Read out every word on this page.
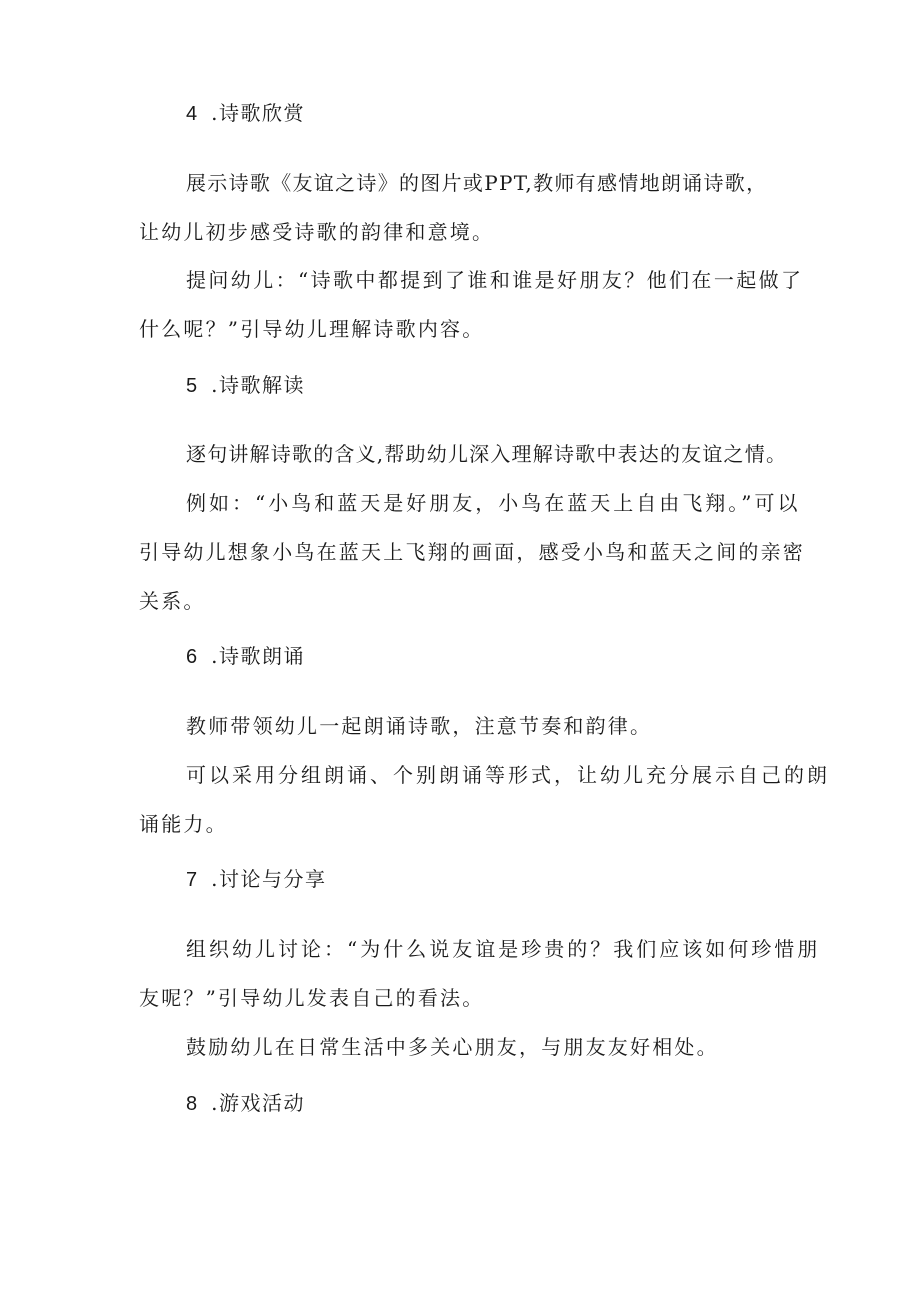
4 .诗歌欣赏
展示诗歌《友谊之诗》的图片或PPT,教师有感情地朗诵诗歌，
让幼儿初步感受诗歌的韵律和意境。
提问幼儿：“诗歌中都提到了谁和谁是好朋友？他们在一起做了
什么呢？”引导幼儿理解诗歌内容。
5 .诗歌解读
逐句讲解诗歌的含义,帮助幼儿深入理解诗歌中表达的友谊之情。
例如：“小鸟和蓝天是好朋友，小鸟在蓝天上自由飞翔。”可以
引导幼儿想象小鸟在蓝天上飞翔的画面，感受小鸟和蓝天之间的亲密
关系。
6 .诗歌朗诵
教师带领幼儿一起朗诵诗歌，注意节奏和韵律。
可以采用分组朗诵、个别朗诵等形式，让幼儿充分展示自己的朗
诵能力。
7 .讨论与分享
组织幼儿讨论：“为什么说友谊是珍贵的？我们应该如何珍惜朋
友呢？”引导幼儿发表自己的看法。
鼓励幼儿在日常生活中多关心朋友，与朋友友好相处。
8 .游戏活动
